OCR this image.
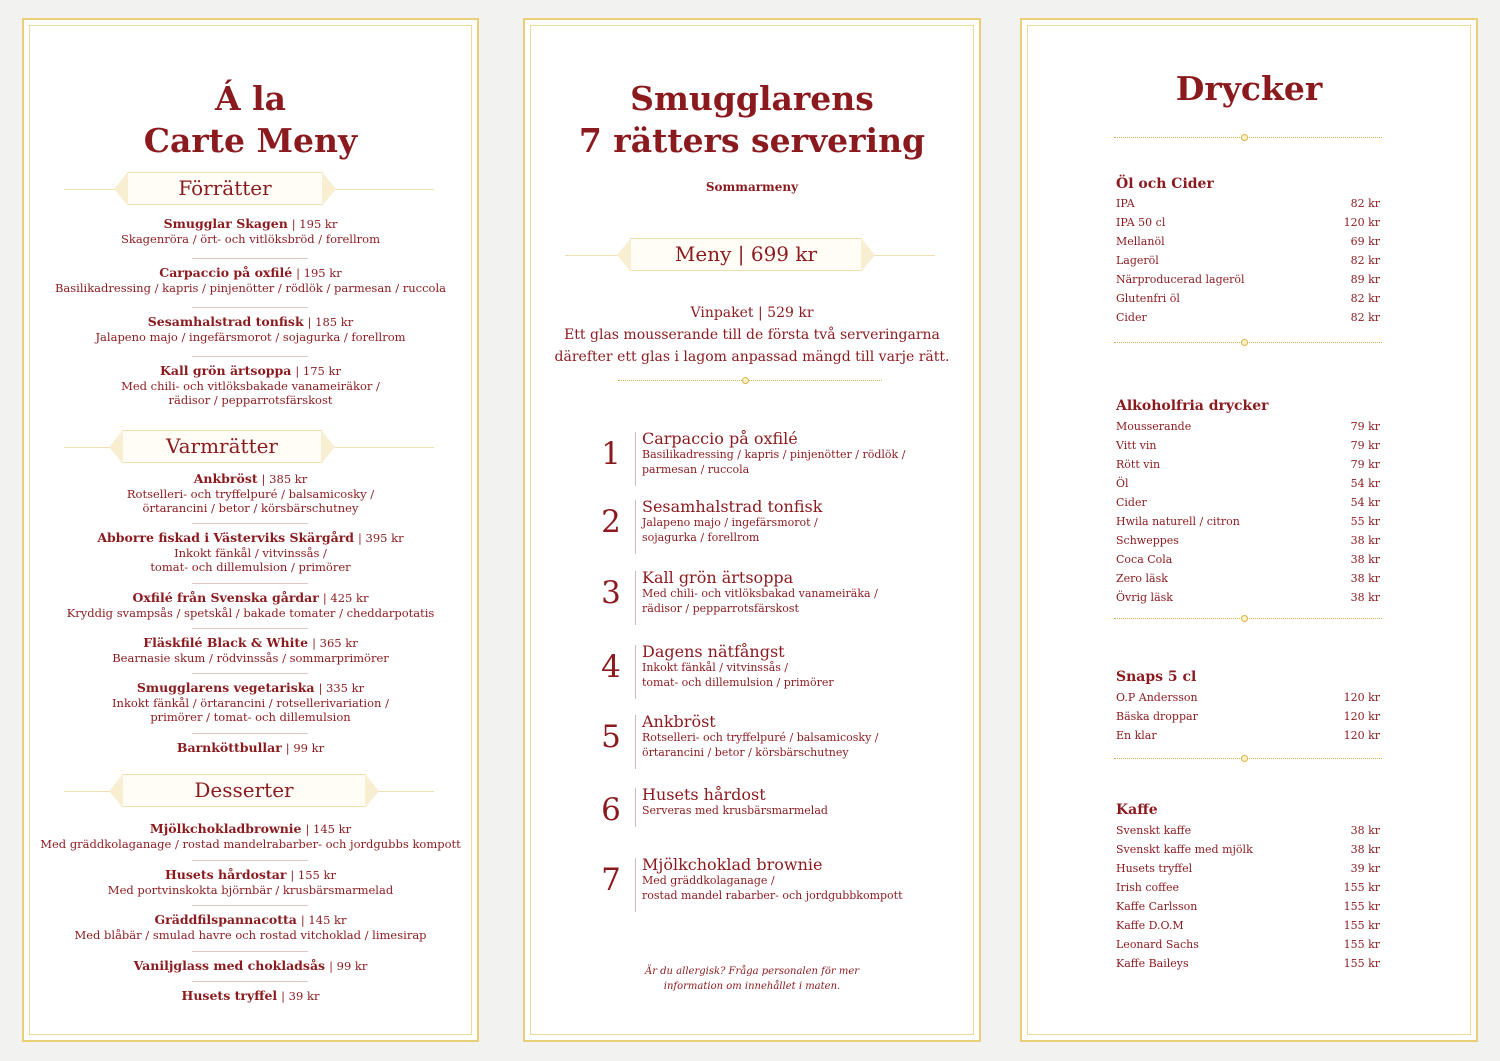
Á la
Carte Meny
Förrätter
Smugglar Skagen | 195 kr
Skagenröra / ört- och vitlöksbröd / forellrom
Carpaccio på oxfilé | 195 kr
Basilikadressing / kapris / pinjenötter / rödlök / parmesan / ruccola
Sesamhalstrad tonfisk | 185 kr
Jalapeno majo / ingefärsmorot / sojagurka / forellrom
Kall grön ärtsoppa | 175 kr
Med chili- och vitlöksbakade vanameiräkor /
rädisor / pepparrotsfärskost
Varmrätter
Ankbröst | 385 kr
Rotselleri- och tryffelpuré / balsamicosky /
örtarancini / betor / körsbärschutney
Abborre fiskad i Västerviks Skärgård | 395 kr
Inkokt fänkål / vitvinssås /
tomat- och dillemulsion / primörer
Oxfilé från Svenska gårdar | 425 kr
Kryddig svampsås / spetskål / bakade tomater / cheddarpotatis
Fläskfilé Black & White | 365 kr
Bearnasie skum / rödvinssås / sommarprimörer
Smugglarens vegetariska | 335 kr
Inkokt fänkål / örtarancini / rotsellerivariation /
primörer / tomat- och dillemulsion
Barnköttbullar | 99 kr
Desserter
Mjölkchokladbrownie | 145 kr
Med gräddkolaganage / rostad mandelrabarber- och jordgubbs kompott
Husets hårdostar | 155 kr
Med portvinskokta björnbär / krusbärsmarmelad
Gräddfilspannacotta | 145 kr
Med blåbär / smulad havre och rostad vitchoklad / limesirap
Vaniljglass med chokladsås | 99 kr
Husets tryffel | 39 kr
Smugglarens
7 rätters servering
Sommarmeny
Meny | 699 kr
Vinpaket | 529 kr
Ett glas mousserande till de första två serveringarna
därefter ett glas i lagom anpassad mängd till varje rätt.
1 Carpaccio på oxfilé
Basilikadressing / kapris / pinjenötter / rödlök /
parmesan / ruccola
2 Sesamhalstrad tonfisk
Jalapeno majo / ingefärsmorot /
sojagurka / forellrom
3 Kall grön ärtsoppa
Med chili- och vitlöksbakad vanameiräka /
rädisor / pepparrotsfärskost
4 Dagens nätfångst
Inkokt fänkål / vitvinssås /
tomat- och dillemulsion / primörer
5 Ankbröst
Rotselleri- och tryffelpuré / balsamicosky /
örtarancini / betor / körsbärschutney
6 Husets hårdost
Serveras med krusbärsmarmelad
7 Mjölkchoklad brownie
Med gräddkolaganage /
rostad mandel rabarber- och jordgubbkompott
Är du allergisk? Fråga personalen för mer
information om innehållet i maten.
Drycker
Öl och Cider
IPA	82 kr
IPA 50 cl	120 kr
Mellanöl	69 kr
Lageröl	82 kr
Närproducerad lageröl	89 kr
Glutenfri öl	82 kr
Cider	82 kr
Alkoholfria drycker
Mousserande	79 kr
Vitt vin	79 kr
Rött vin	79 kr
Öl	54 kr
Cider	54 kr
Hwila naturell / citron	55 kr
Schweppes	38 kr
Coca Cola	38 kr
Zero läsk	38 kr
Övrig läsk	38 kr
Snaps 5 cl
O.P Andersson	120 kr
Bäska droppar	120 kr
En klar	120 kr
Kaffe
Svenskt kaffe	38 kr
Svenskt kaffe med mjölk	38 kr
Husets tryffel	39 kr
Irish coffee	155 kr
Kaffe Carlsson	155 kr
Kaffe D.O.M	155 kr
Leonard Sachs	155 kr
Kaffe Baileys	155 kr
